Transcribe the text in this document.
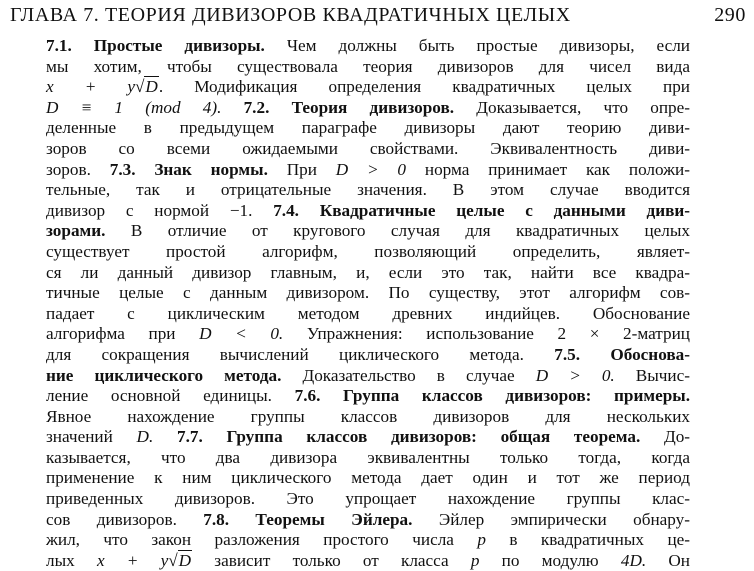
ГЛАВА 7. ТЕОРИЯ ДИВИЗОРОВ КВАДРАТИЧНЫХ ЦЕЛЫХ	290
7.1. Простые дивизоры. Чем должны быть простые дивизоры, если
мы хотим, чтобы существовала теория дивизоров для чисел вида
x + y√D. Модификация определения квадратичных целых при
D ≡ 1 (mod 4). 7.2. Теория дивизоров. Доказывается, что опре-
деленные в предыдущем параграфе дивизоры дают теорию диви-
зоров со всеми ожидаемыми свойствами. Эквивалентность диви-
зоров. 7.3. Знак нормы. При D > 0 норма принимает как положи-
тельные, так и отрицательные значения. В этом случае вводится
дивизор с нормой −1. 7.4. Квадратичные целые с данными диви-
зорами. В отличие от кругового случая для квадратичных целых
существует простой алгорифм, позволяющий определить, являет-
ся ли данный дивизор главным, и, если это так, найти все квадра-
тичные целые с данным дивизором. По существу, этот алгорифм сов-
падает с циклическим методом древних индийцев. Обоснование
алгорифма при D < 0. Упражнения: использование 2 × 2-матриц
для сокращения вычислений циклического метода. 7.5. Обоснова-
ние циклического метода. Доказательство в случае D > 0. Вычис-
ление основной единицы. 7.6. Группа классов дивизоров: примеры.
Явное нахождение группы классов дивизоров для нескольких
значений D. 7.7. Группа классов дивизоров: общая теорема. До-
казывается, что два дивизора эквивалентны только тогда, когда
применение к ним циклического метода дает один и тот же период
приведенных дивизоров. Это упрощает нахождение группы клас-
сов дивизоров. 7.8. Теоремы Эйлера. Эйлер эмпирически обнару-
жил, что закон разложения простого числа p в квадратичных це-
лых x + y√D зависит только от класса p по модулю 4D. Он
